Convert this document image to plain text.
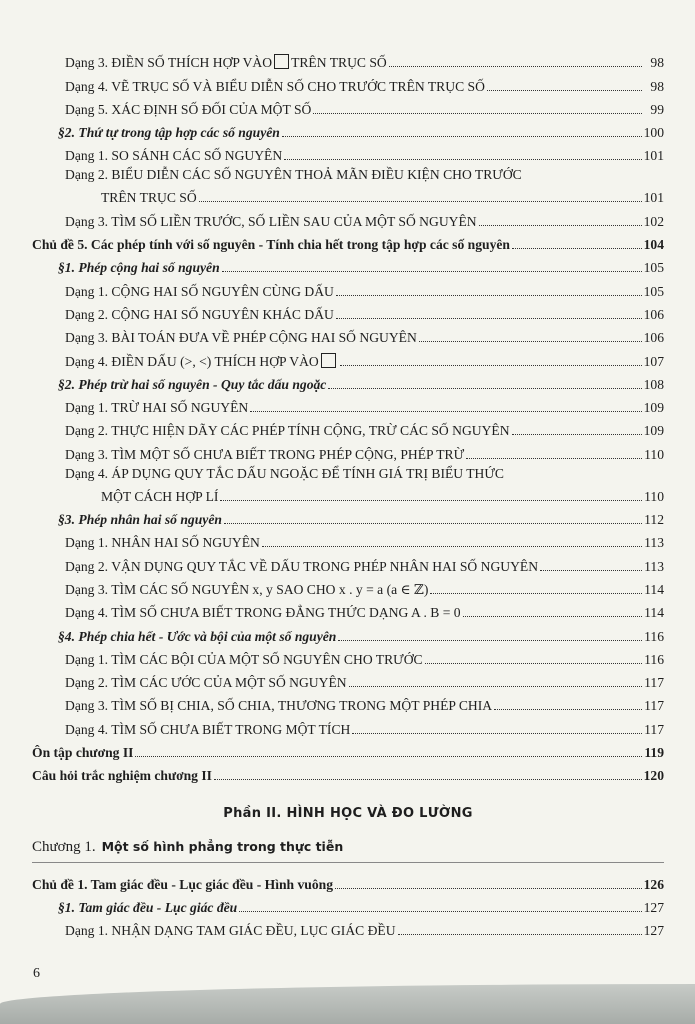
Dạng 3. ĐIỀN SỐ THÍCH HỢP VÀO	TRÊN TRỤC SỐ	98
Dạng 4. VẼ TRỤC SỐ VÀ BIỂU DIỄN SỐ CHO TRƯỚC TRÊN TRỤC SỐ	98
Dạng 5. XÁC ĐỊNH SỐ ĐỐI CỦA MỘT SỐ	99
§2. Thứ tự trong tập hợp các số nguyên	100
Dạng 1. SO SÁNH CÁC SỐ NGUYÊN	101
Dạng 2. BIỂU DIỄN CÁC SỐ NGUYÊN THOẢ MÃN ĐIỀU KIỆN CHO TRƯỚC
TRÊN TRỤC SỐ	101
Dạng 3. TÌM SỐ LIỀN TRƯỚC, SỐ LIỀN SAU CỦA MỘT SỐ NGUYÊN	102
Chủ đề 5. Các phép tính với số nguyên - Tính chia hết trong tập hợp các số nguyên	104
§1. Phép cộng hai số nguyên	105
Dạng 1. CỘNG HAI SỐ NGUYÊN CÙNG DẤU	105
Dạng 2. CỘNG HAI SỐ NGUYÊN KHÁC DẤU	106
Dạng 3. BÀI TOÁN ĐƯA VỀ PHÉP CỘNG HAI SỐ NGUYÊN	106
Dạng 4. ĐIỀN DẤU (>, <) THÍCH HỢP VÀO	107
§2. Phép trừ hai số nguyên - Quy tắc dấu ngoặc	108
Dạng 1. TRỪ HAI SỐ NGUYÊN	109
Dạng 2. THỰC HIỆN DÃY CÁC PHÉP TÍNH CỘNG, TRỪ CÁC SỐ NGUYÊN	109
Dạng 3. TÌM MỘT SỐ CHƯA BIẾT TRONG PHÉP CỘNG, PHÉP TRỪ	110
Dạng 4. ÁP DỤNG QUY TẮC DẤU NGOẶC ĐỂ TÍNH GIÁ TRỊ BIỂU THỨC
MỘT CÁCH HỢP LÍ	110
§3. Phép nhân hai số nguyên	112
Dạng 1. NHÂN HAI SỐ NGUYÊN	113
Dạng 2. VẬN DỤNG QUY TẮC VỀ DẤU TRONG PHÉP NHÂN HAI SỐ NGUYÊN	113
Dạng 3. TÌM CÁC SỐ NGUYÊN x, y SAO CHO x . y = a (a ∈ ℤ)	114
Dạng 4. TÌM SỐ CHƯA BIẾT TRONG ĐẲNG THỨC DẠNG A . B = 0	114
§4. Phép chia hết - Ước và bội của một số nguyên	116
Dạng 1. TÌM CÁC BỘI CỦA MỘT SỐ NGUYÊN CHO TRƯỚC	116
Dạng 2. TÌM CÁC ƯỚC CỦA MỘT SỐ NGUYÊN	117
Dạng 3. TÌM SỐ BỊ CHIA, SỐ CHIA, THƯƠNG TRONG MỘT PHÉP CHIA	117
Dạng 4. TÌM SỐ CHƯA BIẾT TRONG MỘT TÍCH	117
Ôn tập chương II	119
Câu hỏi trắc nghiệm chương II	120
Phần II. HÌNH HỌC VÀ ĐO LƯỜNG
Chương 1. Một số hình phẳng trong thực tiễn
Chủ đề 1. Tam giác đều - Lục giác đều - Hình vuông	126
§1. Tam giác đều - Lục giác đều	127
Dạng 1. NHẬN DẠNG TAM GIÁC ĐỀU, LỤC GIÁC ĐỀU	127
6
